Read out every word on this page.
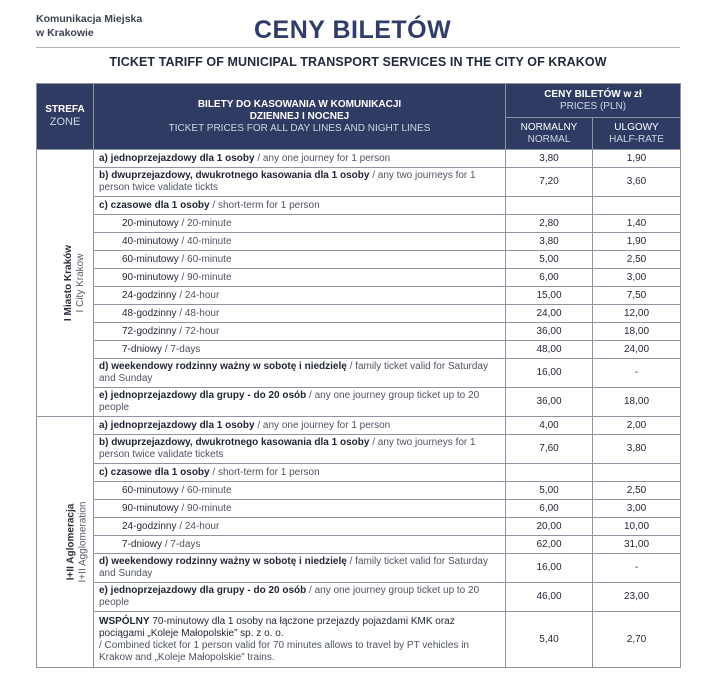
Komunikacja Miejska
w Krakowie	CENY BILETÓW
TICKET TARIFF OF MUNICIPAL TRANSPORT SERVICES IN THE CITY OF KRAKOW
STREFA
ZONE	BILETY DO KASOWANIA W KOMUNIKACJI
DZIENNEJ I NOCNEJ
TICKET PRICES FOR ALL DAY LINES AND NIGHT LINES	CENY BILETÓW w zł
PRICES (PLN)	
		NORMALNY
NORMAL	ULGOWY
HALF-RATE

I Miasto Kraków I City Krakow	a) jednoprzejazdowy dla 1 osoby / any one journey for 1 person	3,80	1,90
	b) dwuprzejazdowy, dwukrotnego kasowania dla 1 osoby / any two journeys for 1 person twice validate tickts	7,20	3,60
	c) czasowe dla 1 osoby / short-term for 1 person		
	20-minutowy / 20-minute	2,80	1,40
	40-minutowy / 40-minute	3,80	1,90
	60-minutowy / 60-minute	5,00	2,50
	90-minutowy / 90-minute	6,00	3,00
	24-godzinny / 24-hour	15,00	7,50
	48-godzinny / 48-hour	24,00	12,00
	72-godzinny / 72-hour	36,00	18,00
	7-dniowy / 7-days	48,00	24,00
	d) weekendowy rodzinny ważny w sobotę i niedzielę / family ticket valid for Saturday and Sunday	16,00	-
	e) jednoprzejazdowy dla grupy - do 20 osób / any one journey group ticket up to 20 people	36,00	18,00

I+II Aglomeracja I+II Agglomeration	a) jednoprzejazdowy dla 1 osoby / any one journey for 1 person	4,00	2,00
	b) dwuprzejazdowy, dwukrotnego kasowania dla 1 osoby / any two journeys for 1 person twice validate tickets	7,60	3,80
	c) czasowe dla 1 osoby / short-term for 1 person		
	60-minutowy / 60-minute	5,00	2,50
	90-minutowy / 90-minute	6,00	3,00
	24-godzinny / 24-hour	20,00	10,00
	7-dniowy / 7-days	62,00	31,00
	d) weekendowy rodzinny ważny w sobotę i niedzielę / family ticket valid for Saturday and Sunday	16,00	-
	e) jednoprzejazdowy dla grupy - do 20 osób / any one journey group ticket up to 20 people	46,00	23,00
	WSPÓLNY 70-minutowy dla 1 osoby na łączone przejazdy pojazdami KMK oraz pociągami „Koleje Małopolskie” sp. z o. o.
/ Combined ticket for 1 person valid for 70 minutes allows to travel by PT vehicles in Krakow and „Koleje Małopolskie” trains.	5,40	2,70
